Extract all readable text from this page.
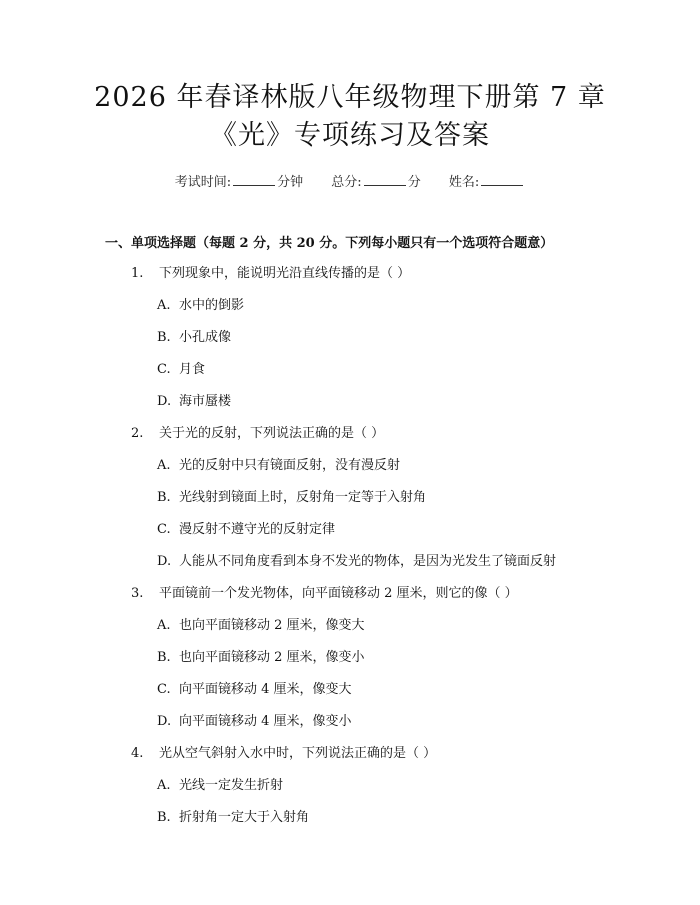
2026 年春译林版八年级物理下册第 7 章
《光》专项练习及答案
考试时间:	分钟 总分:	分 姓名:
一、单项选择题（每题 2 分，共 20 分。下列每小题只有一个选项符合题意）
1. 下列现象中，能说明光沿直线传播的是（ ）
A. 水中的倒影
B. 小孔成像
C. 月食
D. 海市蜃楼
2. 关于光的反射，下列说法正确的是（ ）
A. 光的反射中只有镜面反射，没有漫反射
B. 光线射到镜面上时，反射角一定等于入射角
C. 漫反射不遵守光的反射定律
D. 人能从不同角度看到本身不发光的物体，是因为光发生了镜面反射
3. 平面镜前一个发光物体，向平面镜移动 2 厘米，则它的像（ ）
A. 也向平面镜移动 2 厘米，像变大
B. 也向平面镜移动 2 厘米，像变小
C. 向平面镜移动 4 厘米，像变大
D. 向平面镜移动 4 厘米，像变小
4. 光从空气斜射入水中时，下列说法正确的是（ ）
A. 光线一定发生折射
B. 折射角一定大于入射角
